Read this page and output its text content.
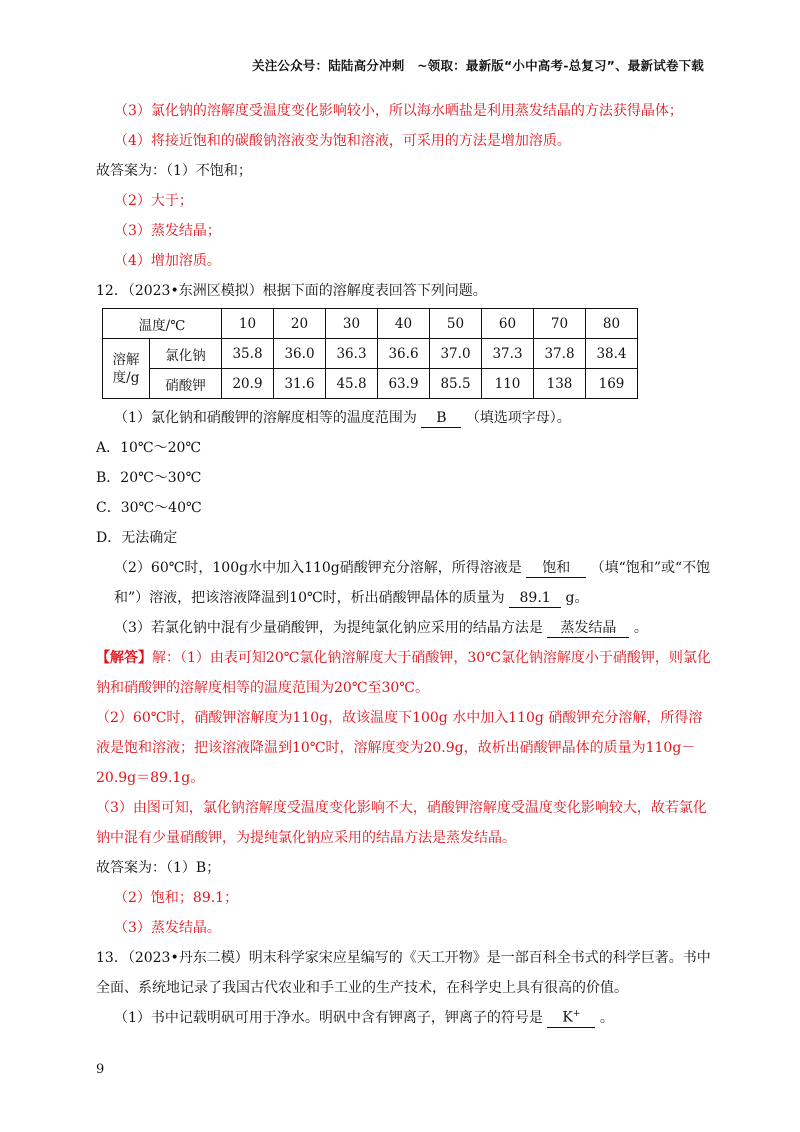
关注公众号：陆陆高分冲刺　~领取：最新版“小中高考-总复习”、最新试卷下载
（3）氯化钠的溶解度受温度变化影响较小，所以海水晒盐是利用蒸发结晶的方法获得晶体；
（4）将接近饱和的碳酸钠溶液变为饱和溶液，可采用的方法是增加溶质。
故答案为：（1）不饱和；
（2）大于；
（3）蒸发结晶；
（4）增加溶质。
12．（2023•东洲区模拟）根据下面的溶解度表回答下列问题。
温度/℃		10	20	30	40	50	60	70	80
溶解度/g	氯化钠	35.8	36.0	36.3	36.6	37.0	37.3	37.8	38.4
	硝酸钾	20.9	31.6	45.8	63.9	85.5	110	138	169
（1）氯化钠和硝酸钾的溶解度相等的温度范围为 B （填选项字母）。
A．10℃～20℃
B．20℃～30℃
C．30℃～40℃
D．无法确定
（2）60℃时，100g水中加入110g硝酸钾充分溶解，所得溶液是 饱和 （填“饱和”或“不饱和”）溶液，把该溶液降温到10℃时，析出硝酸钾晶体的质量为 89.1 g。
（3）若氯化钠中混有少量硝酸钾，为提纯氯化钠应采用的结晶方法是 蒸发结晶 。
【解答】解：（1）由表可知20℃氯化钠溶解度大于硝酸钾，30℃氯化钠溶解度小于硝酸钾，则氯化钠和硝酸钾的溶解度相等的温度范围为20℃至30℃。
（2）60℃时，硝酸钾溶解度为110g，故该温度下100g 水中加入110g 硝酸钾充分溶解，所得溶液是饱和溶液；把该溶液降温到10℃时，溶解度变为20.9g，故析出硝酸钾晶体的质量为110g－20.9g＝89.1g。
（3）由图可知，氯化钠溶解度受温度变化影响不大，硝酸钾溶解度受温度变化影响较大，故若氯化钠中混有少量硝酸钾，为提纯氯化钠应采用的结晶方法是蒸发结晶。
故答案为：（1）B；
（2）饱和；89.1；
（3）蒸发结晶。
13．（2023•丹东二模）明末科学家宋应星编写的《天工开物》是一部百科全书式的科学巨著。书中全面、系统地记录了我国古代农业和手工业的生产技术，在科学史上具有很高的价值。
（1）书中记载明矾可用于净水。明矾中含有钾离子，钾离子的符号是 K+ 。
9
